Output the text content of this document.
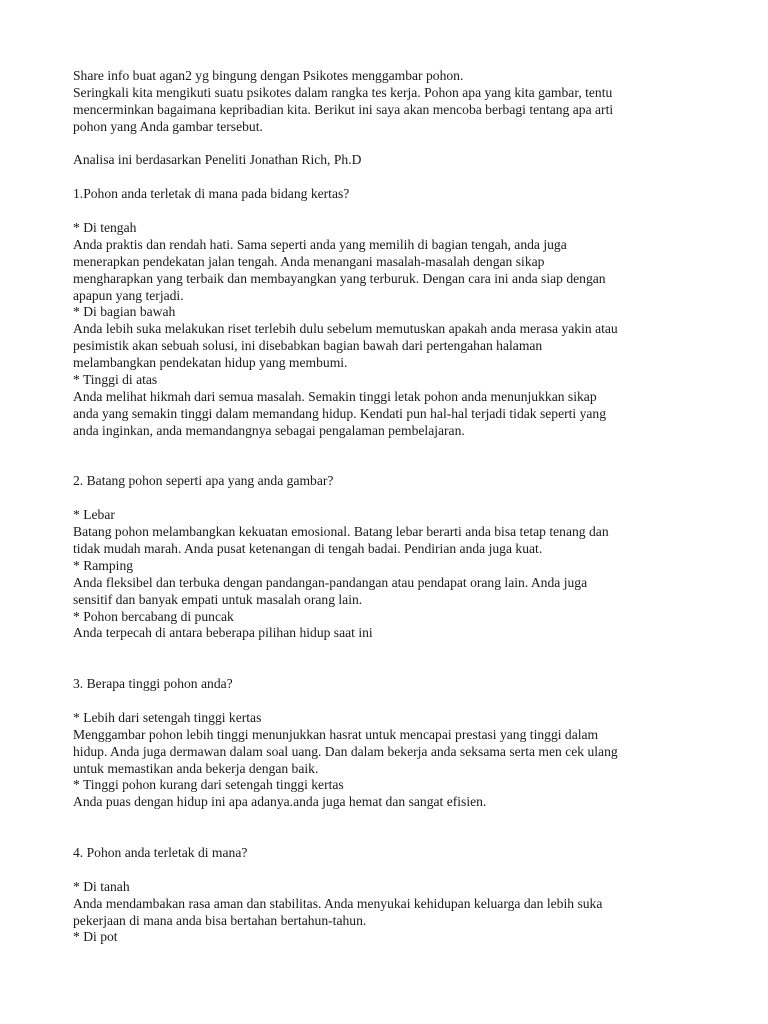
Share info buat agan2 yg bingung dengan Psikotes menggambar pohon.
Seringkali kita mengikuti suatu psikotes dalam rangka tes kerja. Pohon apa yang kita gambar, tentu
mencerminkan bagaimana kepribadian kita. Berikut ini saya akan mencoba berbagi tentang apa arti
pohon yang Anda gambar tersebut.
Analisa ini berdasarkan Peneliti Jonathan Rich, Ph.D
1.Pohon anda terletak di mana pada bidang kertas?
* Di tengah
Anda praktis dan rendah hati. Sama seperti anda yang memilih di bagian tengah, anda juga
menerapkan pendekatan jalan tengah. Anda menangani masalah-masalah dengan sikap
mengharapkan yang terbaik dan membayangkan yang terburuk. Dengan cara ini anda siap dengan
apapun yang terjadi.
* Di bagian bawah
Anda lebih suka melakukan riset terlebih dulu sebelum memutuskan apakah anda merasa yakin atau
pesimistik akan sebuah solusi, ini disebabkan bagian bawah dari pertengahan halaman
melambangkan pendekatan hidup yang membumi.
* Tinggi di atas
Anda melihat hikmah dari semua masalah. Semakin tinggi letak pohon anda menunjukkan sikap
anda yang semakin tinggi dalam memandang hidup. Kendati pun hal-hal terjadi tidak seperti yang
anda inginkan, anda memandangnya sebagai pengalaman pembelajaran.
2. Batang pohon seperti apa yang anda gambar?
* Lebar
Batang pohon melambangkan kekuatan emosional. Batang lebar berarti anda bisa tetap tenang dan
tidak mudah marah. Anda pusat ketenangan di tengah badai. Pendirian anda juga kuat.
* Ramping
Anda fleksibel dan terbuka dengan pandangan-pandangan atau pendapat orang lain. Anda juga
sensitif dan banyak empati untuk masalah orang lain.
* Pohon bercabang di puncak
Anda terpecah di antara beberapa pilihan hidup saat ini
3. Berapa tinggi pohon anda?
* Lebih dari setengah tinggi kertas
Menggambar pohon lebih tinggi menunjukkan hasrat untuk mencapai prestasi yang tinggi dalam
hidup. Anda juga dermawan dalam soal uang. Dan dalam bekerja anda seksama serta men cek ulang
untuk memastikan anda bekerja dengan baik.
* Tinggi pohon kurang dari setengah tinggi kertas
Anda puas dengan hidup ini apa adanya.anda juga hemat dan sangat efisien.
4. Pohon anda terletak di mana?
* Di tanah
Anda mendambakan rasa aman dan stabilitas. Anda menyukai kehidupan keluarga dan lebih suka
pekerjaan di mana anda bisa bertahan bertahun-tahun.
* Di pot
